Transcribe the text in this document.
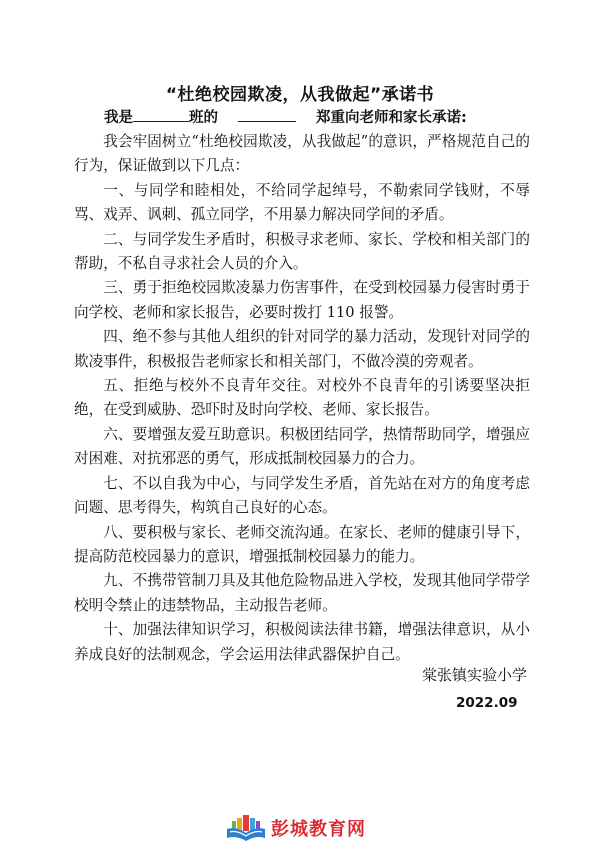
“杜绝校园欺凌，从我做起”承诺书
我是	班的	郑重向老师和家长承诺:

我会牢固树立“杜绝校园欺凌，从我做起”的意识，严格规范自己的行为，保证做到以下几点：

一、与同学和睦相处，不给同学起绰号，不勒索同学钱财，不辱骂、戏弄、讽刺、孤立同学，不用暴力解决同学间的矛盾。

二、与同学发生矛盾时，积极寻求老师、家长、学校和相关部门的帮助，不私自寻求社会人员的介入。

三、勇于拒绝校园欺凌暴力伤害事件，在受到校园暴力侵害时勇于向学校、老师和家长报告，必要时拨打 110 报警。

四、绝不参与其他人组织的针对同学的暴力活动，发现针对同学的欺凌事件，积极报告老师家长和相关部门，不做冷漠的旁观者。

五、拒绝与校外不良青年交往。对校外不良青年的引诱要坚决拒绝，在受到威胁、恐吓时及时向学校、老师、家长报告。

六、要增强友爱互助意识。积极团结同学，热情帮助同学，增强应对困难、对抗邪恶的勇气，形成抵制校园暴力的合力。

七、不以自我为中心，与同学发生矛盾，首先站在对方的角度考虑问题、思考得失，构筑自己良好的心态。

八、要积极与家长、老师交流沟通。在家长、老师的健康引导下，提高防范校园暴力的意识，增强抵制校园暴力的能力。

九、不携带管制刀具及其他危险物品进入学校，发现其他同学带学校明令禁止的违禁物品，主动报告老师。

十、加强法律知识学习，积极阅读法律书籍，增强法律意识，从小养成良好的法制观念，学会运用法律武器保护自己。

棠张镇实验小学
2022.09
彭城教育网
